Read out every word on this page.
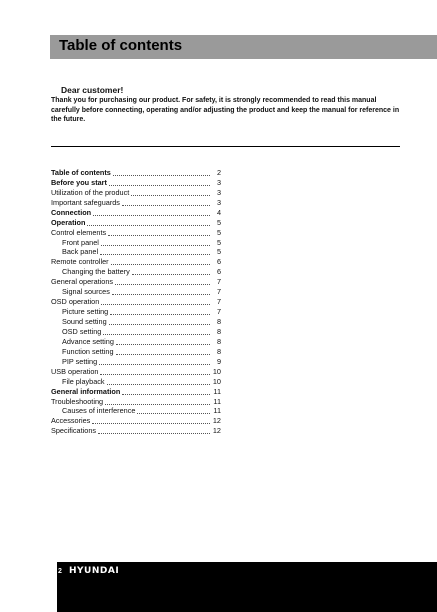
Table of contents
Dear customer!
Thank you for purchasing our product. For safety, it is strongly recommended to read this manual carefully before connecting, operating and/or adjusting the product and keep the manual for reference in the future.
Table of contents	2
Before you start	3
Utilization of the product	3
Important safeguards	3
Connection	4
Operation	5
Control elements	5
Front panel	5
Back panel	5
Remote controller	6
Changing the battery	6
General operations	7
Signal sources	7
OSD operation	7
Picture setting	7
Sound setting	8
OSD setting	8
Advance setting	8
Function setting	8
PIP setting	9
USB operation	10
File playback	10
General information	11
Troubleshooting	11
Causes of interference	11
Accessories	12
Specifications	12
2 HYUNDAI
